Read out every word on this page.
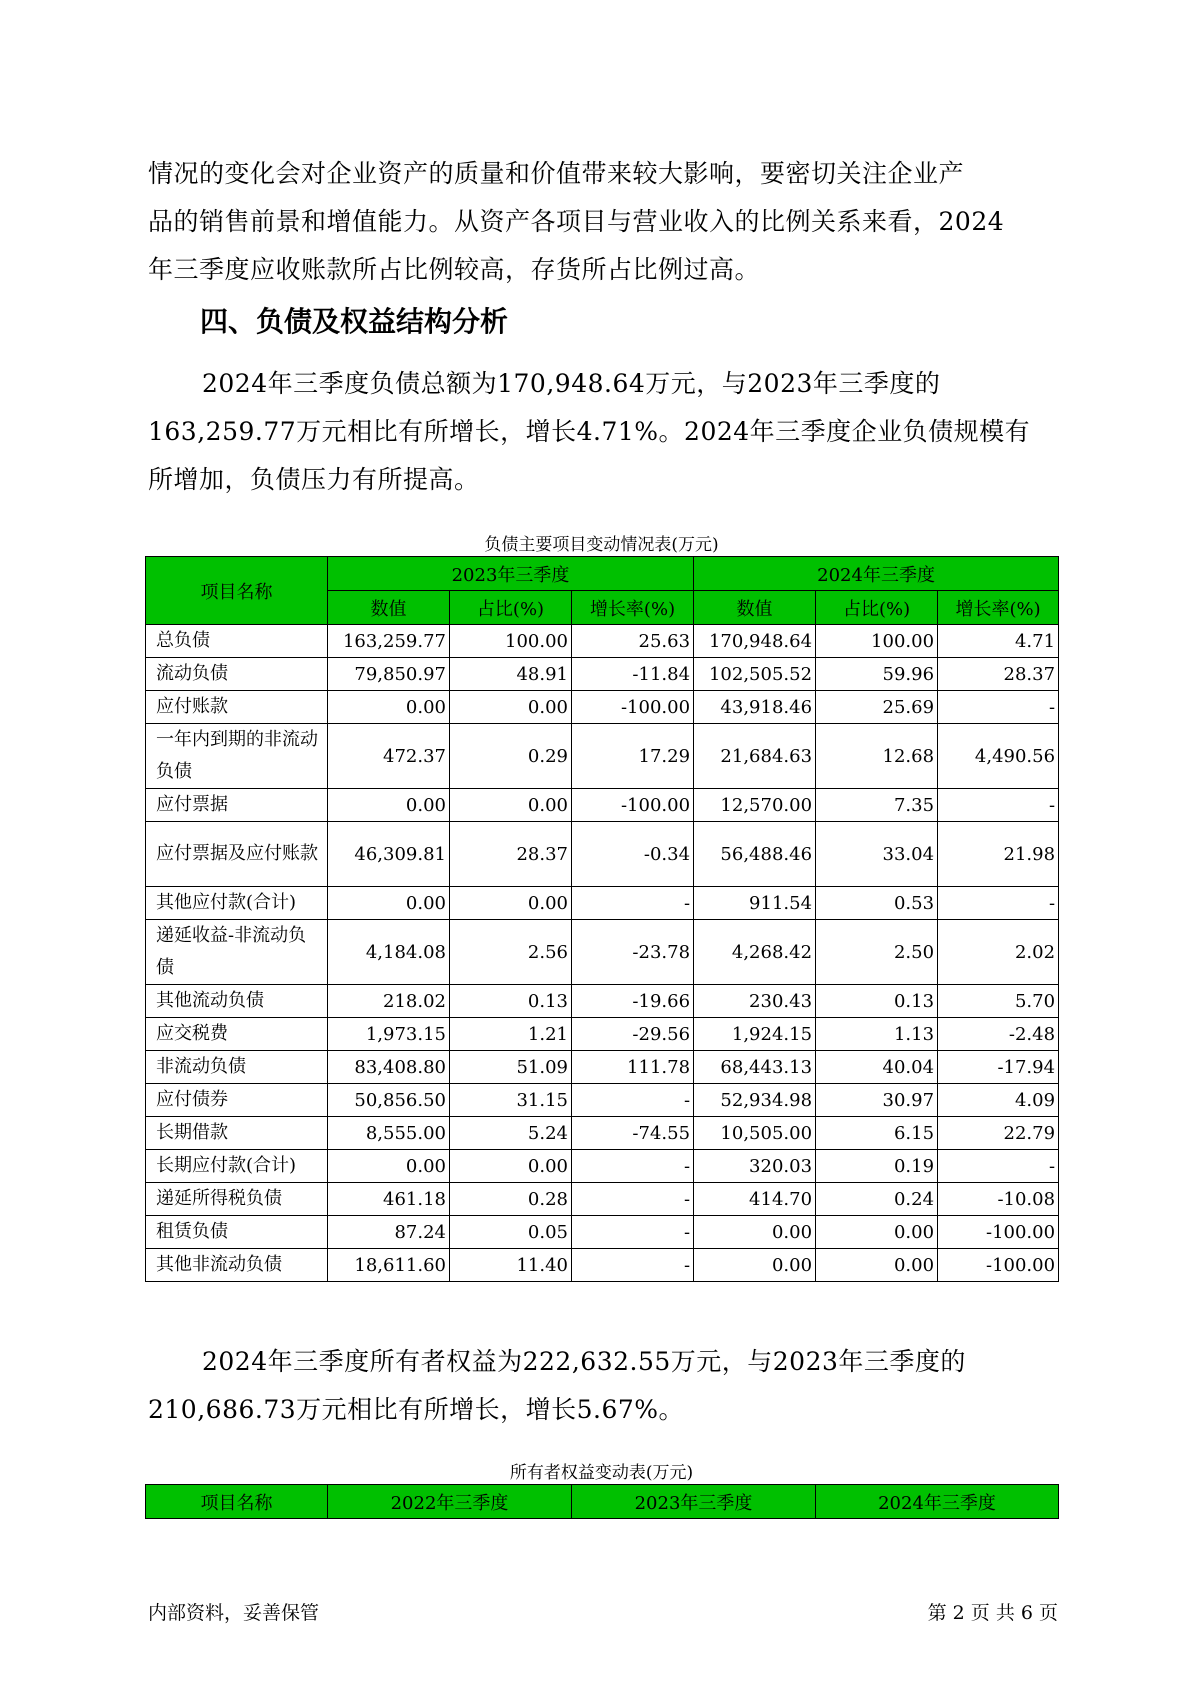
情况的变化会对企业资产的质量和价值带来较大影响，要密切关注企业产

品的销售前景和增值能力。从资产各项目与营业收入的比例关系来看，2024

年三季度应收账款所占比例较高，存货所占比例过高。

四、负债及权益结构分析

2024年三季度负债总额为170,948.64万元，与2023年三季度的

163,259.77万元相比有所增长，增长4.71%。2024年三季度企业负债规模有

所增加，负债压力有所提高。

负债主要项目变动情况表(万元)

项目名称	2023年三季度			2024年三季度		
	数值	占比(%)	增长率(%)	数值	占比(%)	增长率(%)
总负债	163,259.77	100.00	25.63	170,948.64	100.00	4.71
流动负债	79,850.97	48.91	-11.84	102,505.52	59.96	28.37
应付账款	0.00	0.00	-100.00	43,918.46	25.69	-
一年内到期的非流动负债	472.37	0.29	17.29	21,684.63	12.68	4,490.56
应付票据	0.00	0.00	-100.00	12,570.00	7.35	-
应付票据及应付账款	46,309.81	28.37	-0.34	56,488.46	33.04	21.98
其他应付款(合计)	0.00	0.00	-	911.54	0.53	-
递延收益-非流动负债	4,184.08	2.56	-23.78	4,268.42	2.50	2.02
其他流动负债	218.02	0.13	-19.66	230.43	0.13	5.70
应交税费	1,973.15	1.21	-29.56	1,924.15	1.13	-2.48
非流动负债	83,408.80	51.09	111.78	68,443.13	40.04	-17.94
应付债券	50,856.50	31.15	-	52,934.98	30.97	4.09
长期借款	8,555.00	5.24	-74.55	10,505.00	6.15	22.79
长期应付款(合计)	0.00	0.00	-	320.03	0.19	-
递延所得税负债	461.18	0.28	-	414.70	0.24	-10.08
租赁负债	87.24	0.05	-	0.00	0.00	-100.00
其他非流动负债	18,611.60	11.40	-	0.00	0.00	-100.00

2024年三季度所有者权益为222,632.55万元，与2023年三季度的

210,686.73万元相比有所增长，增长5.67%。

所有者权益变动表(万元)

项目名称	2022年三季度	2023年三季度	2024年三季度

内部资料，妥善保管	第 2 页 共 6 页
